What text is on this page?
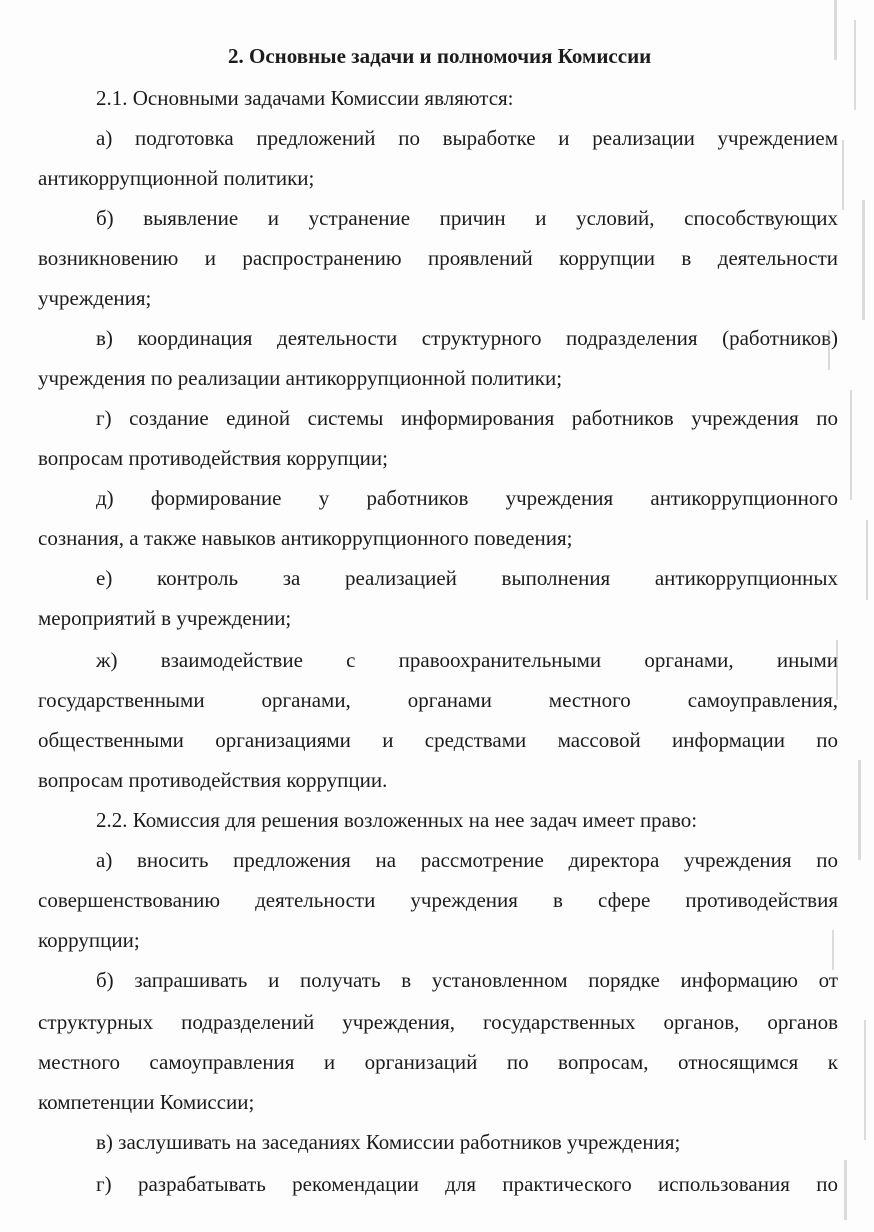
2. Основные задачи и полномочия Комиссии
2.1. Основными задачами Комиссии являются:
а) подготовка предложений по выработке и реализации учреждением
антикоррупционной политики;
б) выявление и устранение причин и условий, способствующих
возникновению и распространению проявлений коррупции в деятельности
учреждения;
в) координация деятельности структурного подразделения (работников)
учреждения по реализации антикоррупционной политики;
г) создание единой системы информирования работников учреждения по
вопросам противодействия коррупции;
д) формирование у работников учреждения антикоррупционного
сознания, а также навыков антикоррупционного поведения;
е) контроль за реализацией выполнения антикоррупционных
мероприятий в учреждении;
ж) взаимодействие с правоохранительными органами, иными
государственными органами, органами местного самоуправления,
общественными организациями и средствами массовой информации по
вопросам противодействия коррупции.
2.2. Комиссия для решения возложенных на нее задач имеет право:
а) вносить предложения на рассмотрение директора учреждения по
совершенствованию деятельности учреждения в сфере противодействия
коррупции;
б) запрашивать и получать в установленном порядке информацию от
структурных подразделений учреждения, государственных органов, органов
местного самоуправления и организаций по вопросам, относящимся к
компетенции Комиссии;
в) заслушивать на заседаниях Комиссии работников учреждения;
г) разрабатывать рекомендации для практического использования по
